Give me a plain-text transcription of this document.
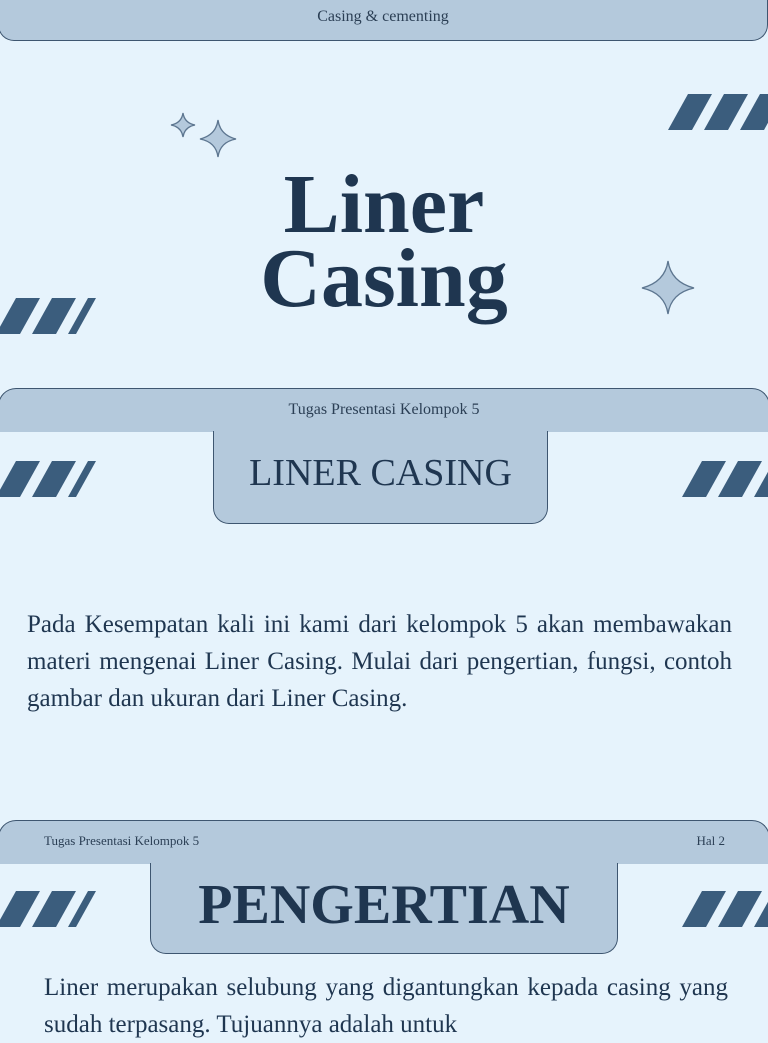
Casing & cementing
Liner
Casing
Tugas Presentasi Kelompok 5
LINER CASING
Pada Kesempatan kali ini kami dari kelompok 5 akan membawakan materi mengenai Liner Casing. Mulai dari pengertian, fungsi, contoh gambar dan ukuran dari Liner Casing.
Tugas Presentasi Kelompok 5	Hal 2
PENGERTIAN
Liner merupakan selubung yang digantungkan kepada casing yang sudah terpasang. Tujuannya adalah untuk
